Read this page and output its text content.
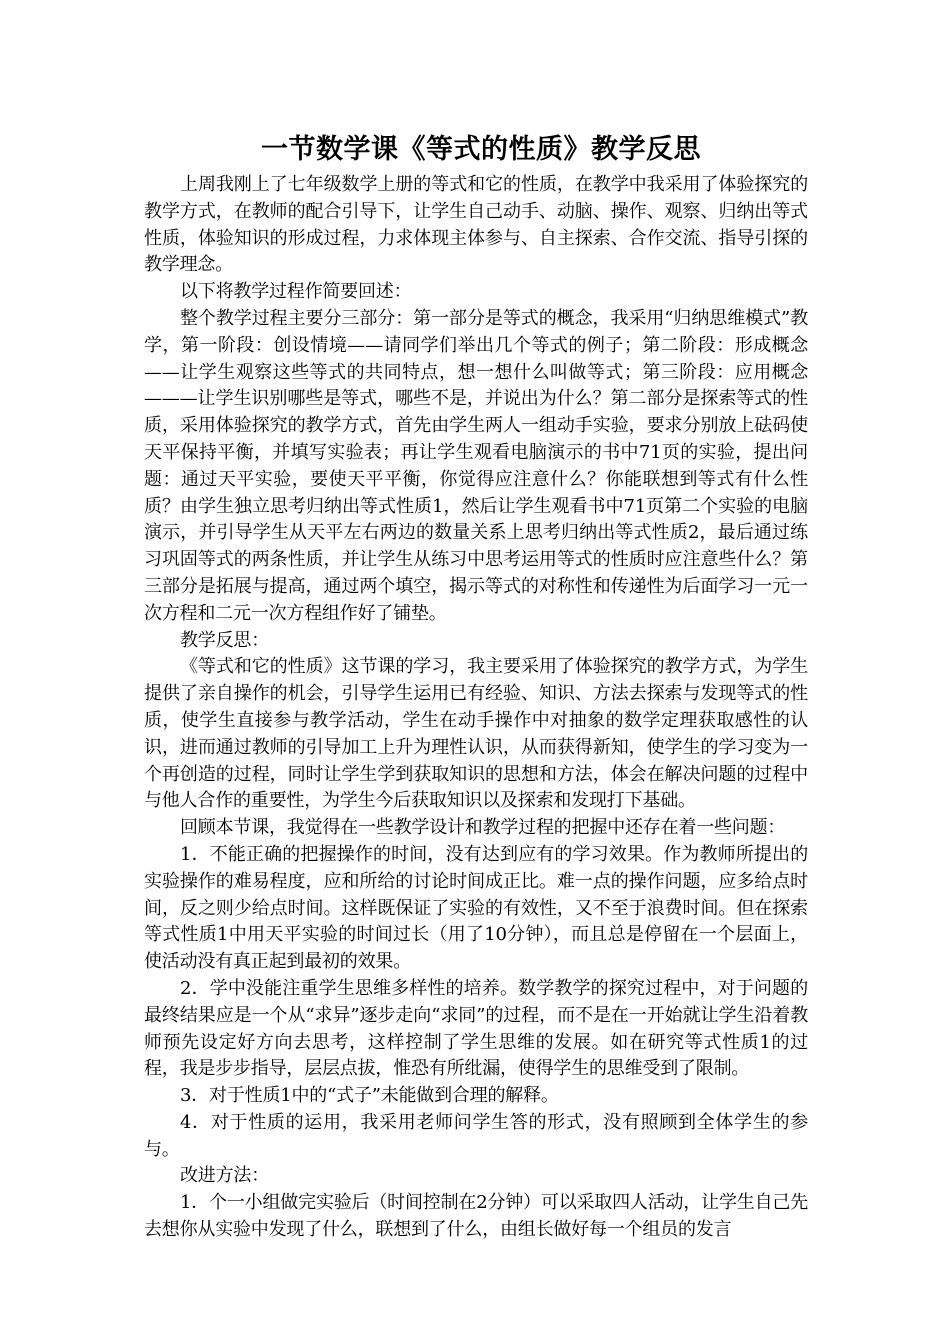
一节数学课《等式的性质》教学反思

上周我刚上了七年级数学上册的等式和它的性质，在教学中我采用了体验探究的教学方式，在教师的配合引导下，让学生自己动手、动脑、操作、观察、归纳出等式性质，体验知识的形成过程，力求体现主体参与、自主探索、合作交流、指导引探的教学理念。

以下将教学过程作简要回述：

整个教学过程主要分三部分：第一部分是等式的概念，我采用“归纳思维模式”教学，第一阶段：创设情境——请同学们举出几个等式的例子；第二阶段：形成概念——让学生观察这些等式的共同特点，想一想什么叫做等式；第三阶段：应用概念———让学生识别哪些是等式，哪些不是，并说出为什么？第二部分是探索等式的性质，采用体验探究的教学方式，首先由学生两人一组动手实验，要求分别放上砝码使天平保持平衡，并填写实验表；再让学生观看电脑演示的书中71页的实验，提出问题：通过天平实验，要使天平平衡，你觉得应注意什么？你能联想到等式有什么性质？由学生独立思考归纳出等式性质1，然后让学生观看书中71页第二个实验的电脑演示，并引导学生从天平左右两边的数量关系上思考归纳出等式性质2，最后通过练习巩固等式的两条性质，并让学生从练习中思考运用等式的性质时应注意些什么？第三部分是拓展与提高，通过两个填空，揭示等式的对称性和传递性为后面学习一元一次方程和二元一次方程组作好了铺垫。

教学反思：

《等式和它的性质》这节课的学习，我主要采用了体验探究的教学方式，为学生提供了亲自操作的机会，引导学生运用已有经验、知识、方法去探索与发现等式的性质，使学生直接参与教学活动，学生在动手操作中对抽象的数学定理获取感性的认识，进而通过教师的引导加工上升为理性认识，从而获得新知，使学生的学习变为一个再创造的过程，同时让学生学到获取知识的思想和方法，体会在解决问题的过程中与他人合作的重要性，为学生今后获取知识以及探索和发现打下基础。

回顾本节课，我觉得在一些教学设计和教学过程的把握中还存在着一些问题：

1．不能正确的把握操作的时间，没有达到应有的学习效果。作为教师所提出的实验操作的难易程度，应和所给的讨论时间成正比。难一点的操作问题，应多给点时间，反之则少给点时间。这样既保证了实验的有效性，又不至于浪费时间。但在探索等式性质1中用天平实验的时间过长（用了10分钟），而且总是停留在一个层面上，使活动没有真正起到最初的效果。

2．学中没能注重学生思维多样性的培养。数学教学的探究过程中，对于问题的最终结果应是一个从“求异”逐步走向“求同”的过程，而不是在一开始就让学生沿着教师预先设定好方向去思考，这样控制了学生思维的发展。如在研究等式性质1的过程，我是步步指导，层层点拔，惟恐有所纰漏，使得学生的思维受到了限制。

3．对于性质1中的“式子”未能做到合理的解释。

4．对于性质的运用，我采用老师问学生答的形式，没有照顾到全体学生的参与。

改进方法：

1．个一小组做完实验后（时间控制在2分钟）可以采取四人活动，让学生自己先去想你从实验中发现了什么，联想到了什么，由组长做好每一个组员的发言
